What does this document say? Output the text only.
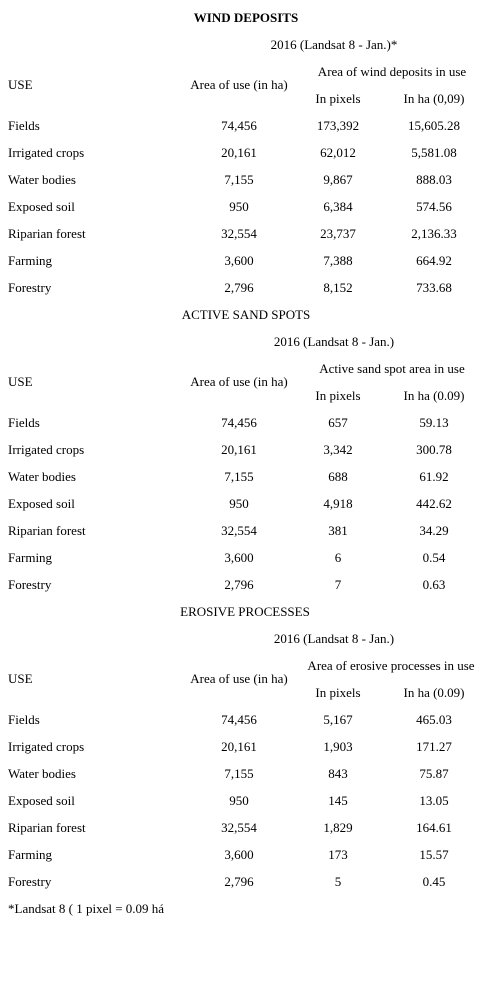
WIND DEPOSITS
2016 (Landsat 8 - Jan.)*
Area of wind deposits in use
USE	Area of use (in ha)
In pixels	In ha (0,09)
Fields	74,456	173,392	15,605.28
Irrigated crops	20,161	62,012	5,581.08
Water bodies	7,155	9,867	888.03
Exposed soil	950	6,384	574.56
Riparian forest	32,554	23,737	2,136.33
Farming	3,600	7,388	664.92
Forestry	2,796	8,152	733.68
ACTIVE SAND SPOTS
2016 (Landsat 8 - Jan.)
Active sand spot area in use
USE	Area of use (in ha)
In pixels	In ha (0.09)
Fields	74,456	657	59.13
Irrigated crops	20,161	3,342	300.78
Water bodies	7,155	688	61.92
Exposed soil	950	4,918	442.62
Riparian forest	32,554	381	34.29
Farming	3,600	6	0.54
Forestry	2,796	7	0.63
EROSIVE PROCESSES
2016 (Landsat 8 - Jan.)
Area of erosive processes in use
USE	Area of use (in ha)
In pixels	In ha (0.09)
Fields	74,456	5,167	465.03
Irrigated crops	20,161	1,903	171.27
Water bodies	7,155	843	75.87
Exposed soil	950	145	13.05
Riparian forest	32,554	1,829	164.61
Farming	3,600	173	15.57
Forestry	2,796	5	0.45
*Landsat 8 ( 1 pixel = 0.09 há
